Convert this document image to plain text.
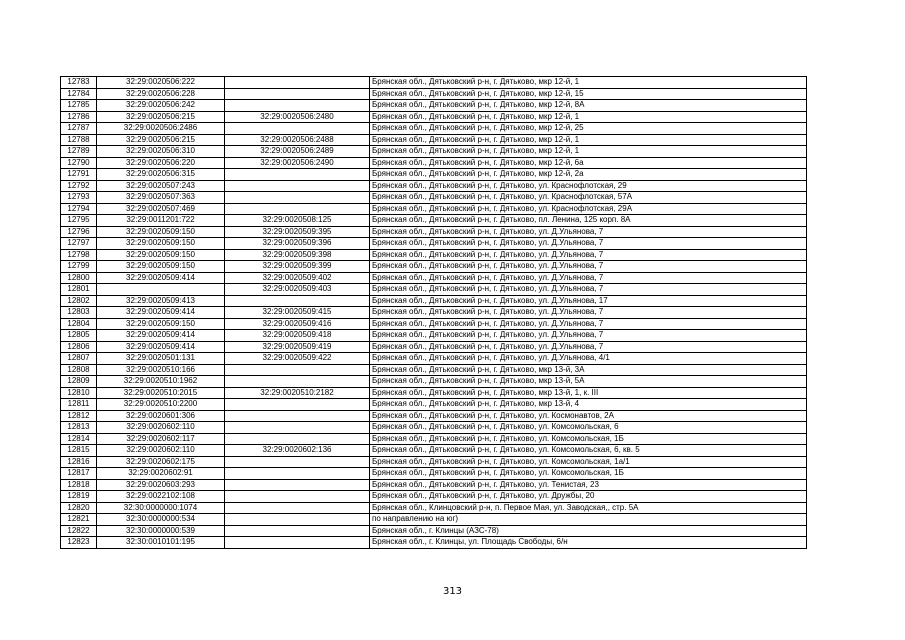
12783	32:29:0020506:222		Брянская обл., Дятьковский р-н, г. Дятьково, мкр 12-й, 1
12784	32:29:0020506:228		Брянская обл., Дятьковский р-н, г. Дятьково, мкр 12-й, 15
12785	32:29:0020506:242		Брянская обл., Дятьковский р-н, г. Дятьково, мкр 12-й, 8А
12786	32:29:0020506:215	32:29:0020506:2480	Брянская обл., Дятьковский р-н, г. Дятьково, мкр 12-й, 1
12787	32:29:0020506:2486		Брянская обл., Дятьковский р-н, г. Дятьково, мкр 12-й, 25
12788	32:29:0020506:215	32:29:0020506:2488	Брянская обл., Дятьковский р-н, г. Дятьково, мкр 12-й, 1
12789	32:29:0020506:310	32:29:0020506:2489	Брянская обл., Дятьковский р-н, г. Дятьково, мкр 12-й, 1
12790	32:29:0020506:220	32:29:0020506:2490	Брянская обл., Дятьковский р-н, г. Дятьково, мкр 12-й, 6а
12791	32:29:0020506:315		Брянская обл., Дятьковский р-н, г. Дятьково, мкр 12-й, 2а
12792	32:29:0020507:243		Брянская обл., Дятьковский р-н, г. Дятьково, ул. Краснофлотская, 29
12793	32:29:0020507:363		Брянская обл., Дятьковский р-н, г. Дятьково, ул. Краснофлотская, 57А
12794	32:29:0020507:469		Брянская обл., Дятьковский р-н, г. Дятьково, ул. Краснофлотская, 29А
12795	32:29:0011201:722	32:29:0020508:125	Брянская обл., Дятьковский р-н, г. Дятьково, пл. Ленина, 125 корп. 8А
12796	32:29:0020509:150	32:29:0020509:395	Брянская обл., Дятьковский р-н, г. Дятьково, ул. Д.Ульянова, 7
12797	32:29:0020509:150	32:29:0020509:396	Брянская обл., Дятьковский р-н, г. Дятьково, ул. Д.Ульянова, 7
12798	32:29:0020509:150	32:29:0020509:398	Брянская обл., Дятьковский р-н, г. Дятьково, ул. Д.Ульянова, 7
12799	32:29:0020509:150	32:29:0020509:399	Брянская обл., Дятьковский р-н, г. Дятьково, ул. Д.Ульянова, 7
12800	32:29:0020509:414	32:29:0020509:402	Брянская обл., Дятьковский р-н, г. Дятьково, ул. Д.Ульянова, 7
12801		32:29:0020509:403	Брянская обл., Дятьковский р-н, г. Дятьково, ул. Д.Ульянова, 7
12802	32:29:0020509:413		Брянская обл., Дятьковский р-н, г. Дятьково, ул. Д.Ульянова, 17
12803	32:29:0020509:414	32:29:0020509:415	Брянская обл., Дятьковский р-н, г. Дятьково, ул. Д.Ульянова, 7
12804	32:29:0020509:150	32:29:0020509:416	Брянская обл., Дятьковский р-н, г. Дятьково, ул. Д.Ульянова, 7
12805	32:29:0020509:414	32:29:0020509:418	Брянская обл., Дятьковский р-н, г. Дятьково, ул. Д.Ульянова, 7
12806	32:29:0020509:414	32:29:0020509:419	Брянская обл., Дятьковский р-н, г. Дятьково, ул. Д.Ульянова, 7
12807	32:29:0020501:131	32:29:0020509:422	Брянская обл., Дятьковский р-н, г. Дятьково, ул. Д.Ульянова, 4/1
12808	32:29:0020510:166		Брянская обл., Дятьковский р-н, г. Дятьково, мкр 13-й, 3А
12809	32:29:0020510:1962		Брянская обл., Дятьковский р-н, г. Дятьково, мкр 13-й, 5А
12810	32:29:0020510:2015	32:29:0020510:2182	Брянская обл., Дятьковский р-н, г. Дятьково, мкр 13-й, 1, к. III
12811	32:29:0020510:2200		Брянская обл., Дятьковский р-н, г. Дятьково, мкр 13-й, 4
12812	32:29:0020601:306		Брянская обл., Дятьковский р-н, г. Дятьково, ул. Космонавтов, 2А
12813	32:29:0020602:110		Брянская обл., Дятьковский р-н, г. Дятьково, ул. Комсомольская, 6
12814	32:29:0020602:117		Брянская обл., Дятьковский р-н, г. Дятьково, ул. Комсомольская, 1Б
12815	32:29:0020602:110	32:29:0020602:136	Брянская обл., Дятьковский р-н, г. Дятьково, ул. Комсомольская, 6, кв. 5
12816	32:29:0020602:175		Брянская обл., Дятьковский р-н, г. Дятьково, ул. Комсомольская, 1а/1
12817	32:29:0020602:91		Брянская обл., Дятьковский р-н, г. Дятьково, ул. Комсомольская, 1Б
12818	32:29:0020603:293		Брянская обл., Дятьковский р-н, г. Дятьково, ул. Тенистая, 23
12819	32:29:0022102:108		Брянская обл., Дятьковский р-н, г. Дятьково, ул. Дружбы, 20
12820	32:30:0000000:1074		Брянская обл., Клинцовский р-н, п. Первое Мая, ул. Заводская,, стр. 5А
12821	32:30:0000000:534		по направлению на юг)
12822	32:30:0000000:539		Брянская обл., г. Клинцы (АЗС-78)
12823	32:30:0010101:195		Брянская обл., г. Клинцы, ул. Площадь Свободы, 6/н
313
